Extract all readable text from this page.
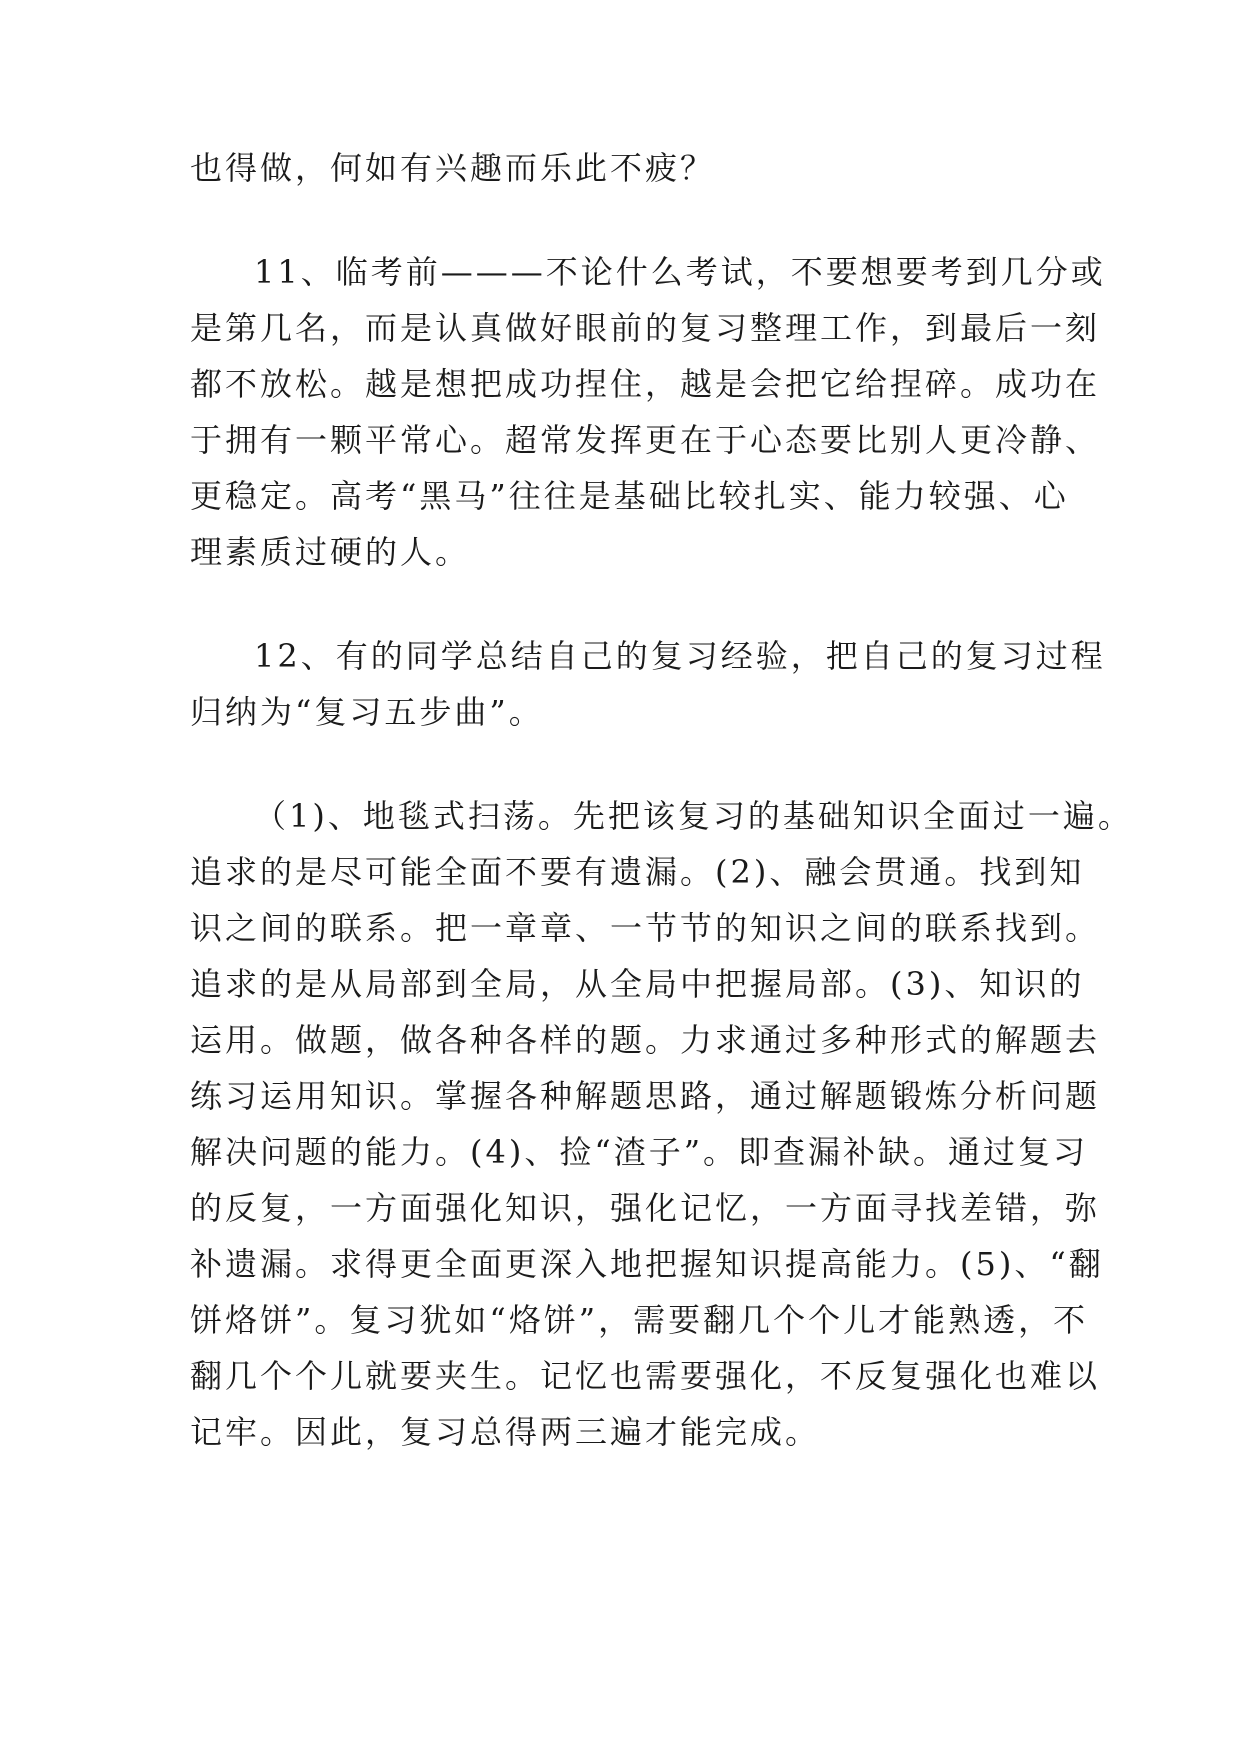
也得做，何如有兴趣而乐此不疲？
11、临考前———不论什么考试，不要想要考到几分或
是第几名，而是认真做好眼前的复习整理工作，到最后一刻
都不放松。越是想把成功捏住，越是会把它给捏碎。成功在
于拥有一颗平常心。超常发挥更在于心态要比别人更冷静、
更稳定。高考“黑马”往往是基础比较扎实、能力较强、心
理素质过硬的人。
12、有的同学总结自己的复习经验，把自己的复习过程
归纳为“复习五步曲”。
（1)、地毯式扫荡。先把该复习的基础知识全面过一遍。
追求的是尽可能全面不要有遗漏。(2)、融会贯通。找到知
识之间的联系。把一章章、一节节的知识之间的联系找到。
追求的是从局部到全局，从全局中把握局部。(3)、知识的
运用。做题，做各种各样的题。力求通过多种形式的解题去
练习运用知识。掌握各种解题思路，通过解题锻炼分析问题
解决问题的能力。(4)、捡“渣子”。即查漏补缺。通过复习
的反复，一方面强化知识，强化记忆，一方面寻找差错，弥
补遗漏。求得更全面更深入地把握知识提高能力。(5)、“翻
饼烙饼”。复习犹如“烙饼”，需要翻几个个儿才能熟透，不
翻几个个儿就要夹生。记忆也需要强化，不反复强化也难以
记牢。因此，复习总得两三遍才能完成。
